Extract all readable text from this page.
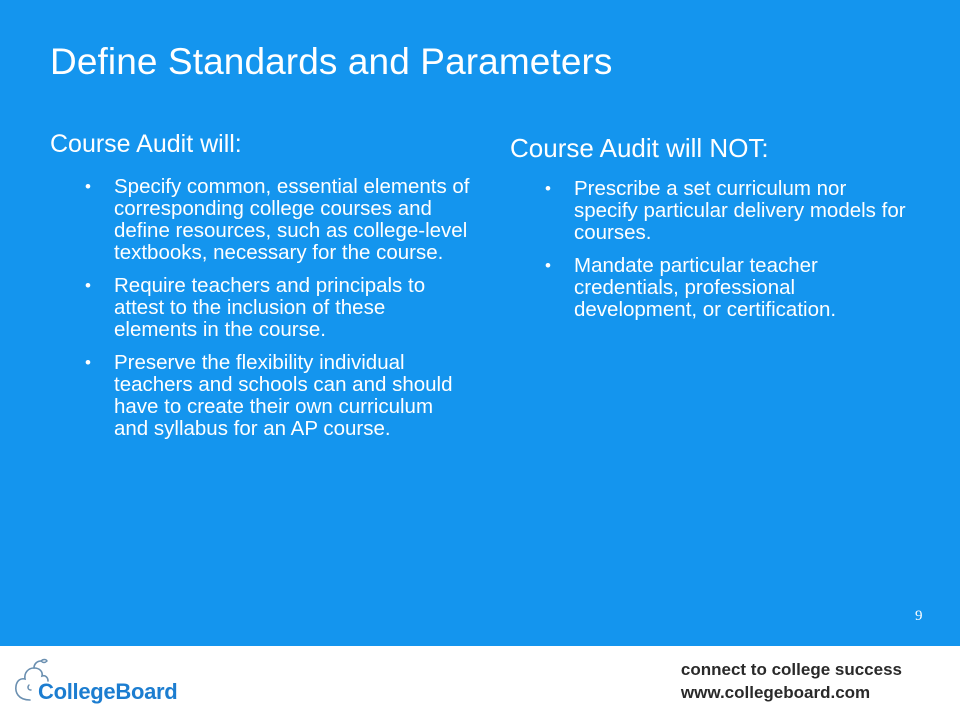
Define Standards and Parameters
Course Audit will:
• Specify common, essential elements of corresponding college courses and define resources, such as college-level textbooks, necessary for the course.
• Require teachers and principals to attest to the inclusion of these elements in the course.
• Preserve the flexibility individual teachers and schools can and should have to create their own curriculum and syllabus for an AP course.
Course Audit will NOT:
• Prescribe a set curriculum nor specify particular delivery models for courses.
• Mandate particular teacher credentials, professional development, or certification.
9
CollegeBoard
connect to college success
www.collegeboard.com
